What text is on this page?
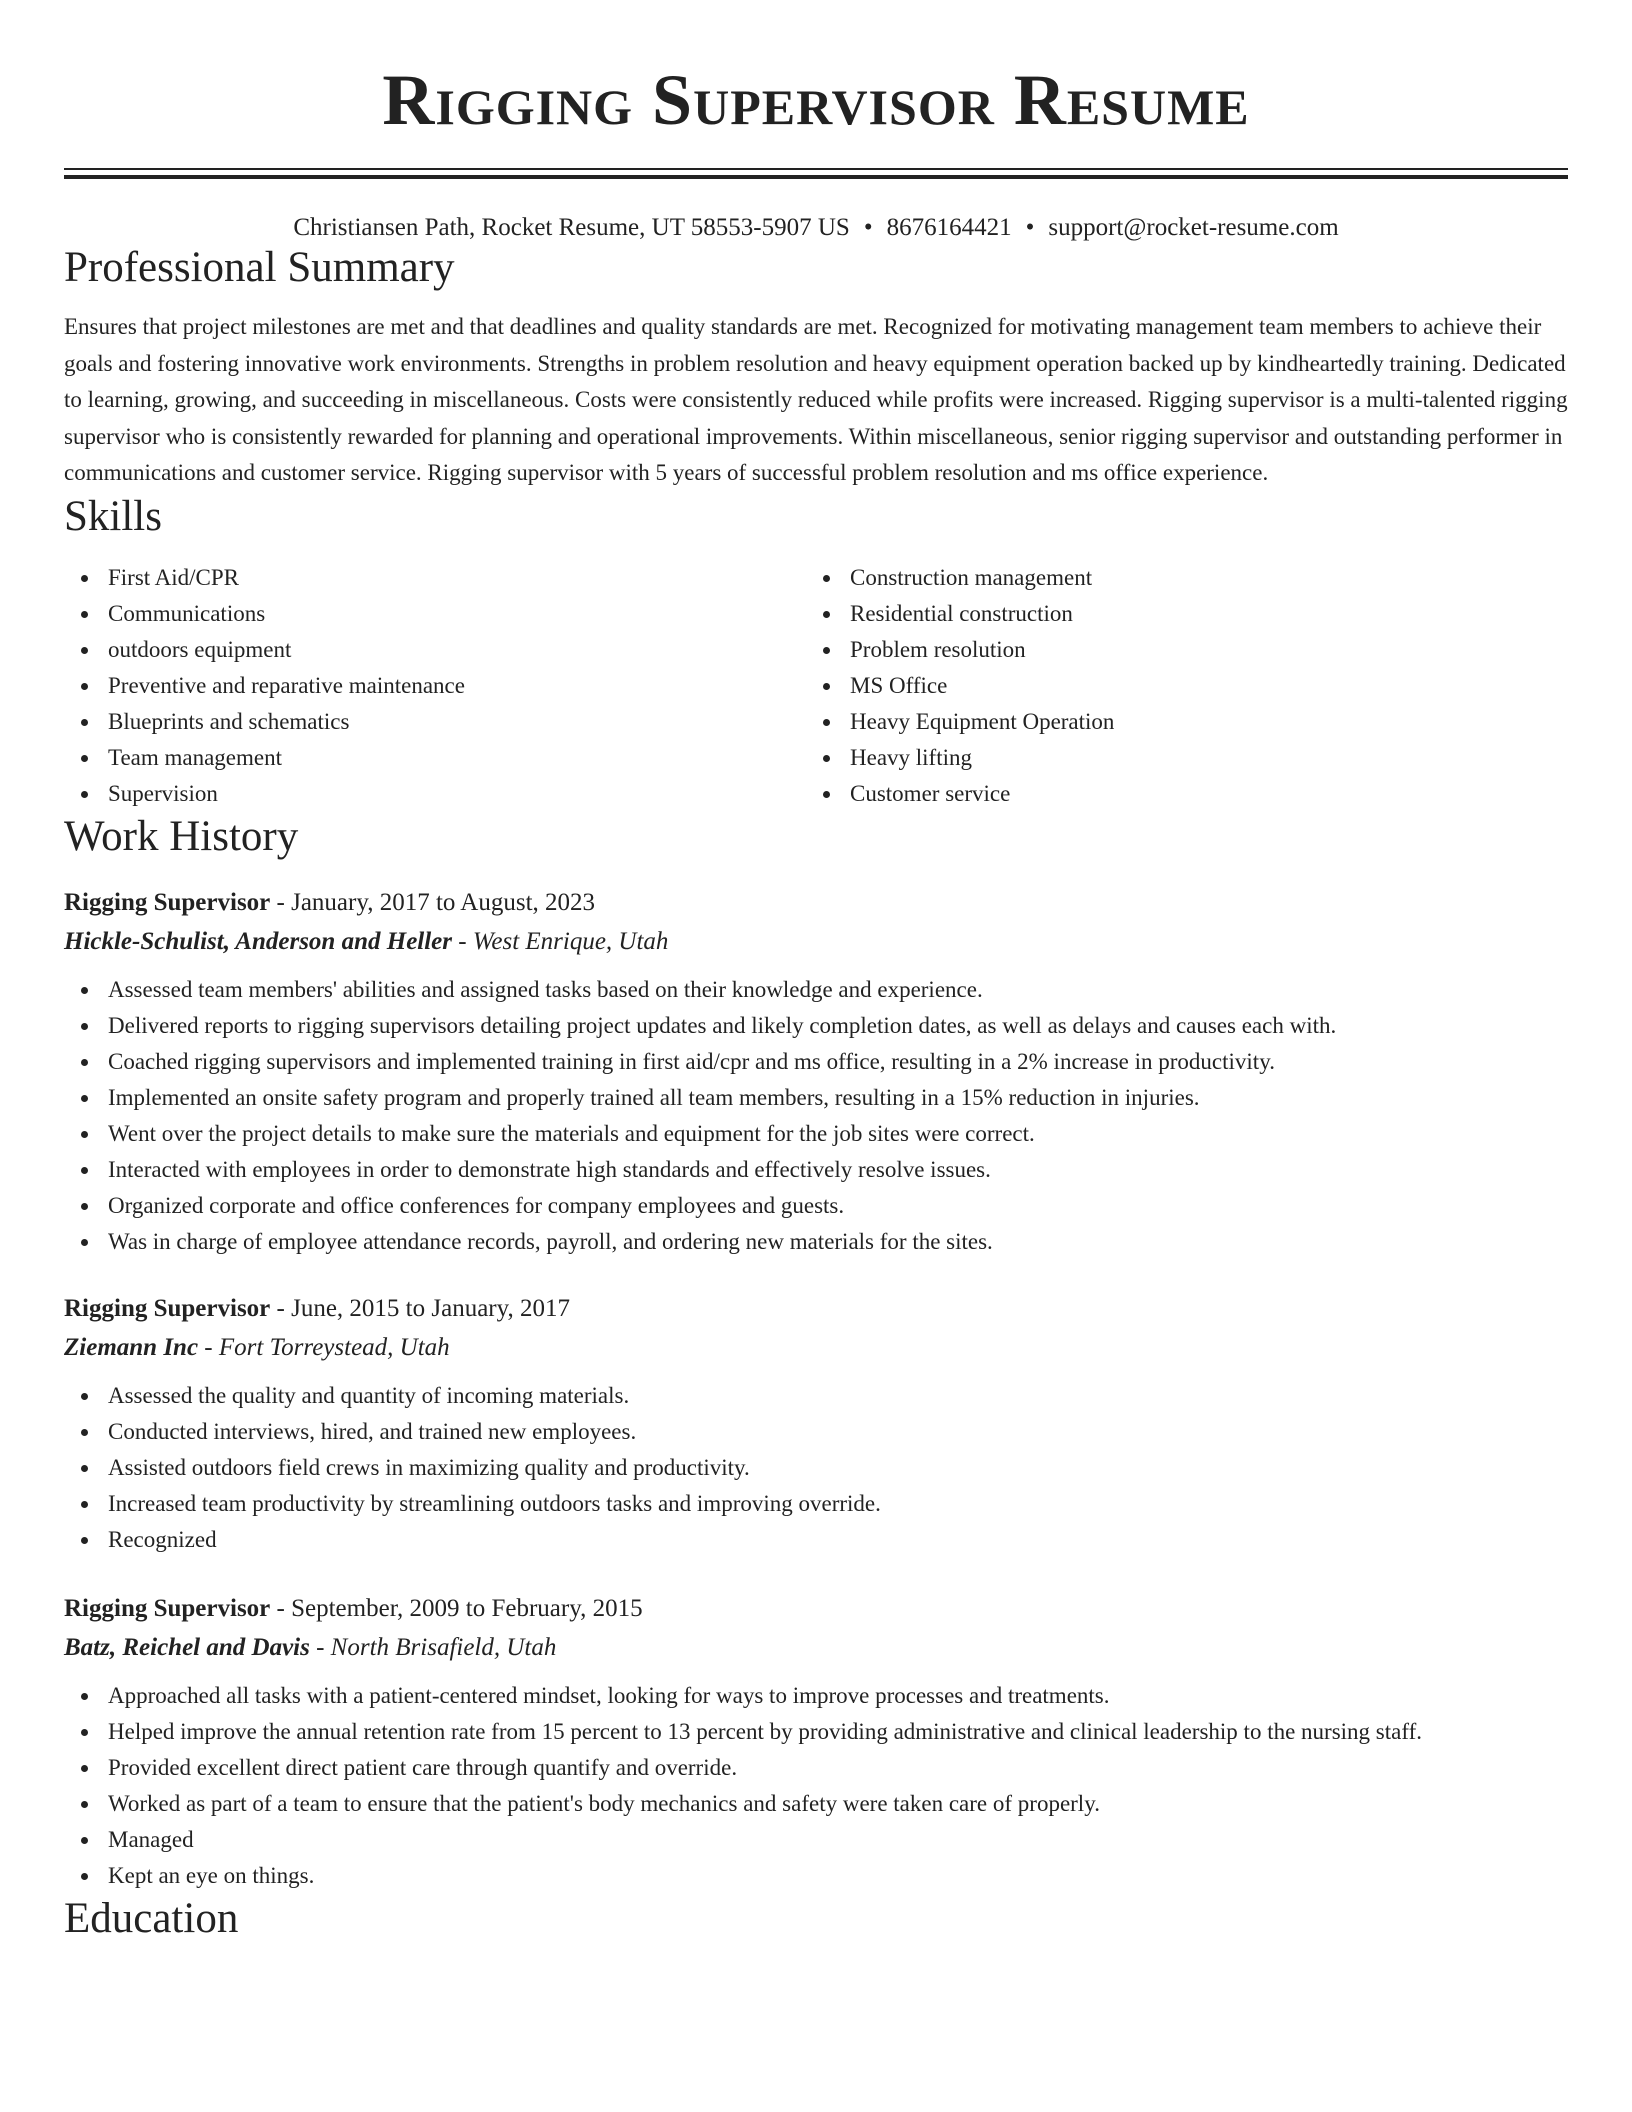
Rigging Supervisor Resume
Christiansen Path, Rocket Resume, UT 58553-5907 US • 8676164421 • support@rocket-resume.com
Professional Summary

Ensures that project milestones are met and that deadlines and quality standards are met. Recognized for motivating management team members to achieve their goals and fostering innovative work environments. Strengths in problem resolution and heavy equipment operation backed up by kindheartedly training. Dedicated to learning, growing, and succeeding in miscellaneous. Costs were consistently reduced while profits were increased. Rigging supervisor is a multi-talented rigging supervisor who is consistently rewarded for planning and operational improvements. Within miscellaneous, senior rigging supervisor and outstanding performer in communications and customer service. Rigging supervisor with 5 years of successful problem resolution and ms office experience.

Skills
First Aid/CPR
Communications
outdoors equipment
Preventive and reparative maintenance
Blueprints and schematics
Team management
Supervision
Construction management
Residential construction
Problem resolution
MS Office
Heavy Equipment Operation
Heavy lifting
Customer service
Work History
Rigging Supervisor - January, 2017 to August, 2023
Hickle-Schulist, Anderson and Heller - West Enrique, Utah
Assessed team members' abilities and assigned tasks based on their knowledge and experience.
Delivered reports to rigging supervisors detailing project updates and likely completion dates, as well as delays and causes each with.
Coached rigging supervisors and implemented training in first aid/cpr and ms office, resulting in a 2% increase in productivity.
Implemented an onsite safety program and properly trained all team members, resulting in a 15% reduction in injuries.
Went over the project details to make sure the materials and equipment for the job sites were correct.
Interacted with employees in order to demonstrate high standards and effectively resolve issues.
Organized corporate and office conferences for company employees and guests.
Was in charge of employee attendance records, payroll, and ordering new materials for the sites.
Rigging Supervisor - June, 2015 to January, 2017
Ziemann Inc - Fort Torreystead, Utah
Assessed the quality and quantity of incoming materials.
Conducted interviews, hired, and trained new employees.
Assisted outdoors field crews in maximizing quality and productivity.
Increased team productivity by streamlining outdoors tasks and improving override.
Recognized
Rigging Supervisor - September, 2009 to February, 2015
Batz, Reichel and Davis - North Brisafield, Utah
Approached all tasks with a patient-centered mindset, looking for ways to improve processes and treatments.
Helped improve the annual retention rate from 15 percent to 13 percent by providing administrative and clinical leadership to the nursing staff.
Provided excellent direct patient care through quantify and override.
Worked as part of a team to ensure that the patient's body mechanics and safety were taken care of properly.
Managed
Kept an eye on things.
Education
